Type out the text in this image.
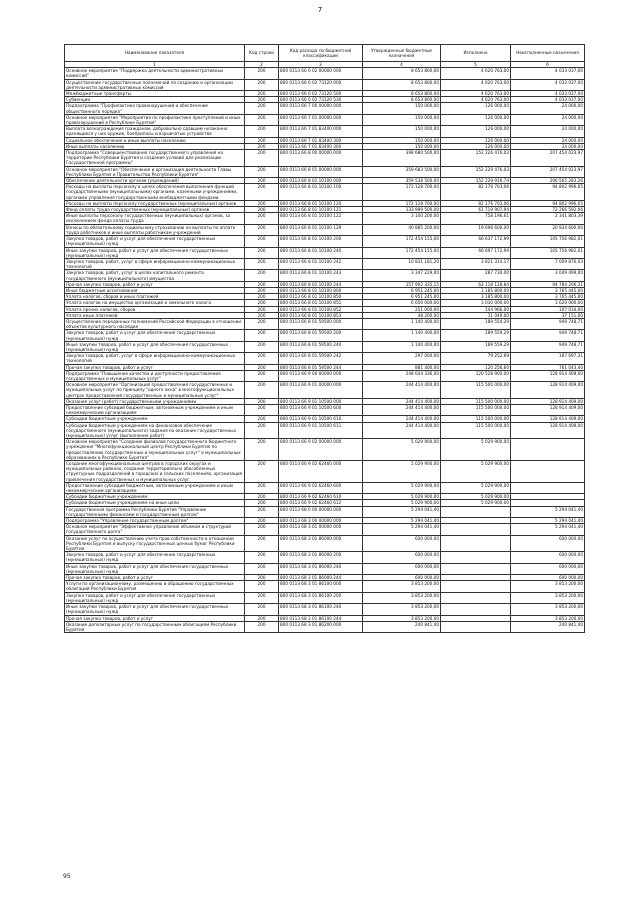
7
Наименование показателя	Код строки	Код расхода по бюджетной классификации	Утвержденные бюджетные назначения	Исполнено	Неисполненные назначения
1	2	3	4	5	6
Основное мероприятие "Поддержка деятельности административных комиссий"	200	800 0113 66 0 02 00000 000	8 653 800,00	4 620 763,00	4 033 037,00
Осуществление государственных полномочий по созданию и организации деятельности административных комиссий	200	800 0113 66 0 02 73120 000	8 653 800,00	4 620 763,00	4 033 037,00
Межбюджетные трансферты	200	800 0113 66 0 02 73120 500	8 653 800,00	4 620 763,00	4 033 037,00
Субвенции	200	800 0113 66 0 02 73120 530	8 653 800,00	4 620 763,00	4 033 037,00
Подпрограмма "Профилактика правонарушений и обеспечение общественного порядка"	200	800 0113 66 7 00 00000 000	150 000,00	126 000,00	24 000,00
Основное мероприятие "Мероприятия по профилактике преступлений и иных правонарушений в Республике Бурятия"	200	800 0113 66 7 01 00000 000	150 000,00	126 000,00	24 000,00
Выплата вознаграждения гражданам, добровольно сдавшим незаконно хранящиеся у них оружие, боеприпасы и взрывчатые устройства	200	800 0113 66 7 01 83400 000	150 000,00	126 000,00	24 000,00
Социальное обеспечение и иные выплаты населению	200	800 0113 66 7 01 83400 300	150 000,00	126 000,00	24 000,00
Иные выплаты населению	200	800 0113 66 7 01 83400 360	150 000,00	126 000,00	24 000,00
Подпрограмма "Совершенствование государственного управления на территории Республики Бурятия и создание условий для реализации Государственной программы"	200	800 0113 66 8 00 00000 000	398 680 500,00	152 226 476,03	207 454 023,97
Основное мероприятие "Обеспечение и организация деятельности Главы Республики Бурятия и Правительства Республики Бурятия"	200	800 0113 66 8 01 00000 000	359 683 500,00	152 229 476,03	207 454 023,97
Обеспечение деятельности органов (учреждений)	200	800 0113 66 8 01 10100 000	359 538 500,00	152 229 916,74	206 565 283,26
Расходы на выплаты персоналу в целях обеспечения выполнения функций государственными (муниципальными) органами, казенными учреждениями, органами управления государственными внебюджетными фондами	200	800 0113 66 8 01 10100 100	172 128 700,00	82 176 703,06	94 802 996,05
Расходы на выплаты персоналу государственных (муниципальных) органов	200	800 0113 66 8 01 10100 120	172 128 700,00	82 176 703,06	94 802 996,05
Фонд оплаты труда государственных (муниципальных) органов	200	800 0113 66 8 01 10100 121	133 999 500,00	61 719 907,94	72 266 592,06
Иные выплаты персоналу государственных (муниципальных) органов, за исключением фонда оплаты труда	200	800 0113 66 8 01 10100 122	3 100 200,00	758 196,61	2 341 803,39
Взносы по обязательному социальному страхованию на выплаты по оплате труда работников и иные выплаты работникам учреждений	200	800 0113 66 8 01 10100 129	40 885 200,00	19 698 600,00	20 934 600,00
Закупка товаров, работ и услуг для обеспечения государственных (муниципальных) нужд	200	800 0113 66 8 01 10100 200	172 454 155,00	66 637 172,99	105 756 982,01
Иные закупки товаров, работ и услуг для обеспечения государственных (муниципальных) нужд	200	800 0113 66 8 01 10100 240	172 454 155,00	66 697 172,99	105 756 982,01
Закупка товаров, работ, услуг в сфере информационно-коммуникационных технологий	200	800 0113 66 8 01 10100 242	10 831 181,20	3 821 314,17	7 009 876,03
Закупка товаров, работ, услуг в целях капитального ремонта государственного (муниципального) имущества	200	800 0113 66 8 01 10100 243	3 347 229,00	287 730,00	3 049 499,00
Прочая закупка товаров, работ и услуг	200	800 0113 66 8 01 10100 244	157 902 335,15	63 118 128,84	94 784 206,31
Иные бюджетные ассигнования	200	800 0113 66 8 01 10100 800	6 951 245,00	3 185 800,00	3 765 445,00
Уплата налогов, сборов и иных платежей	200	800 0113 66 8 01 10100 850	6 951 245,00	3 185 800,00	3 765 445,00
Уплата налогов на имущество организаций и земельного налога	200	800 0113 66 8 01 10100 851	6 650 000,00	3 030 000,00	3 620 000,00
Уплата прочих налогов, сборов	200	800 0113 66 8 01 10100 852	251 000,00	144 966,00	107 034,00
Уплата иных платежей	200	800 0113 66 8 01 10100 853	48 200,00	11 049,00	37 151,00
Осуществление переданных полномочий Российской Федерации в отношении объектов культурного наследия	200	800 0113 66 8 01 59500 000	1 140 400,00	189 554,29	949 748,71
Закупка товаров, работ и услуг для обеспечения государственных (муниципальных) нужд	200	800 0113 66 8 01 59500 200	1 140 400,00	189 559,29	949 748,71
Иные закупки товаров, работ и услуг для обеспечения государственных (муниципальных) нужд	200	800 0113 66 8 01 59500 240	1 140 400,00	189 559,29	949 748,71
Закупка товаров, работ, услуг в сфере информационно-коммуникационных технологий	200	800 0113 66 8 01 59500 242	297 000,00	79 252,69	187 697,31
Прочая закупка товаров, работ и услуг	200	800 0113 66 8 01 59500 244	881 400,00	120 256,60	761 043,40
Подпрограмма "Повышение качества и доступности предоставления государственных и муниципальных услуг"	200	800 0113 66 9 00 00000 000	248 644 336,00	120 528 900,00	128 914 409,00
Основное мероприятие "Организация предоставления государственных и муниципальных услуг по принципу "одного окна" в многофункциональных центрах предоставления государственных и муниципальных услуг"	200	800 0113 66 9 01 00000 000	244 414 400,00	115 500 000,00	128 914 409,00
Оказание услуг (работ) государственными учреждениями	200	800 0113 66 9 01 10500 000	244 414 400,00	115 500 000,00	128 914 409,00
Предоставление субсидий бюджетным, автономным учреждениям и иным некоммерческим организациям	200	800 0113 66 9 01 10500 600	244 414 400,00	115 500 000,00	128 914 409,00
Субсидии бюджетным учреждениям	200	800 0113 66 9 01 10500 610	244 414 400,00	115 500 000,00	128 914 409,00
Субсидии бюджетным учреждениям на финансовое обеспечение государственного (муниципального) задания на оказание государственных (муниципальных) услуг (выполнение работ)	200	800 0113 66 9 01 10500 611	244 414 400,00	115 500 000,00	128 914 409,00
Основное мероприятие "Создание филиалов государственного бюджетного учреждения "Многофункциональный центр Республики Бурятия по предоставлению государственных и муниципальных услуг" в муниципальных образованиях в Республике Бурятия"	200	800 0113 66 9 02 00000 000	5 029 900,00	5 029 900,00	
Создание многофункциональных центров в городских округах и муниципальных районах, создание территориально обособленных структурных подразделений в городских и сельских поселениях, организация привлечения государственных и муниципальных услуг	200	800 0113 66 9 02 62460 000	5 029 900,00	5 029 900,00	
Предоставление субсидий бюджетным, автономным учреждениям и иным некоммерческим организациям	200	800 0113 66 9 02 62460 600	5 029 900,00	5 029 900,00	
Субсидии бюджетным учреждениям	200	800 0113 66 9 02 62460 610	5 029 900,00	5 029 900,00	
Субсидии бюджетным учреждениям на иные цели	200	800 0113 66 9 02 62460 612	5 029 900,00	5 029 900,00	
Государственная программа Республики Бурятия "Управление государственными финансами и государственным долгом"	200	800 0113 68 0 00 00000 000	5 294 041,40		5 294 041,40
Подпрограмма "Управление государственным долгом"	200	800 0113 68 3 00 00000 000	5 294 041,40		5 294 041,40
Основное мероприятие "Эффективное управление объемом и структурой государственного долга"	200	800 0113 68 3 01 00000 000	5 294 041,40		5 294 041,40
Оказание услуг по осуществлению учета прав собственности в отношении Республики Бурятия и выпуску государственных ценных бумаг Республики Бурятия	200	800 0113 68 3 01 86000 000	600 000,00		600 000,00
Закупка товаров, работ и услуг для обеспечения государственных (муниципальных) нужд	200	800 0113 68 3 01 86000 200	600 000,00		600 000,00
Иные закупки товаров, работ и услуг для обеспечения государственных (муниципальных) нужд	200	800 0113 68 3 01 86000 240	600 000,00		600 000,00
Прочая закупка товаров, работ и услуг	200	800 0113 68 3 01 86000 244	600 000,00		600 000,00
Услуги по организационному, размещению и обращению государственных облигаций Республики Бурятия	200	800 0113 68 3 01 86100 000	3 853 200,00		3 853 200,00
Закупка товаров, работ и услуг для обеспечения государственных (муниципальных) нужд	200	800 0113 68 3 01 86100 200	3 853 200,00		3 853 200,00
Иные закупки товаров, работ и услуг для обеспечения государственных (муниципальных) нужд	200	800 0113 68 3 01 86100 240	3 853 200,00		3 853 200,00
Прочая закупка товаров, работ и услуг	200	800 0113 68 3 01 86100 244	3 853 200,00		3 853 200,00
Оказание депозитарных услуг по государственным облигациям Республики Бурятия	200	800 0113 68 3 01 86200 000	240 841,40		240 841,40
95
